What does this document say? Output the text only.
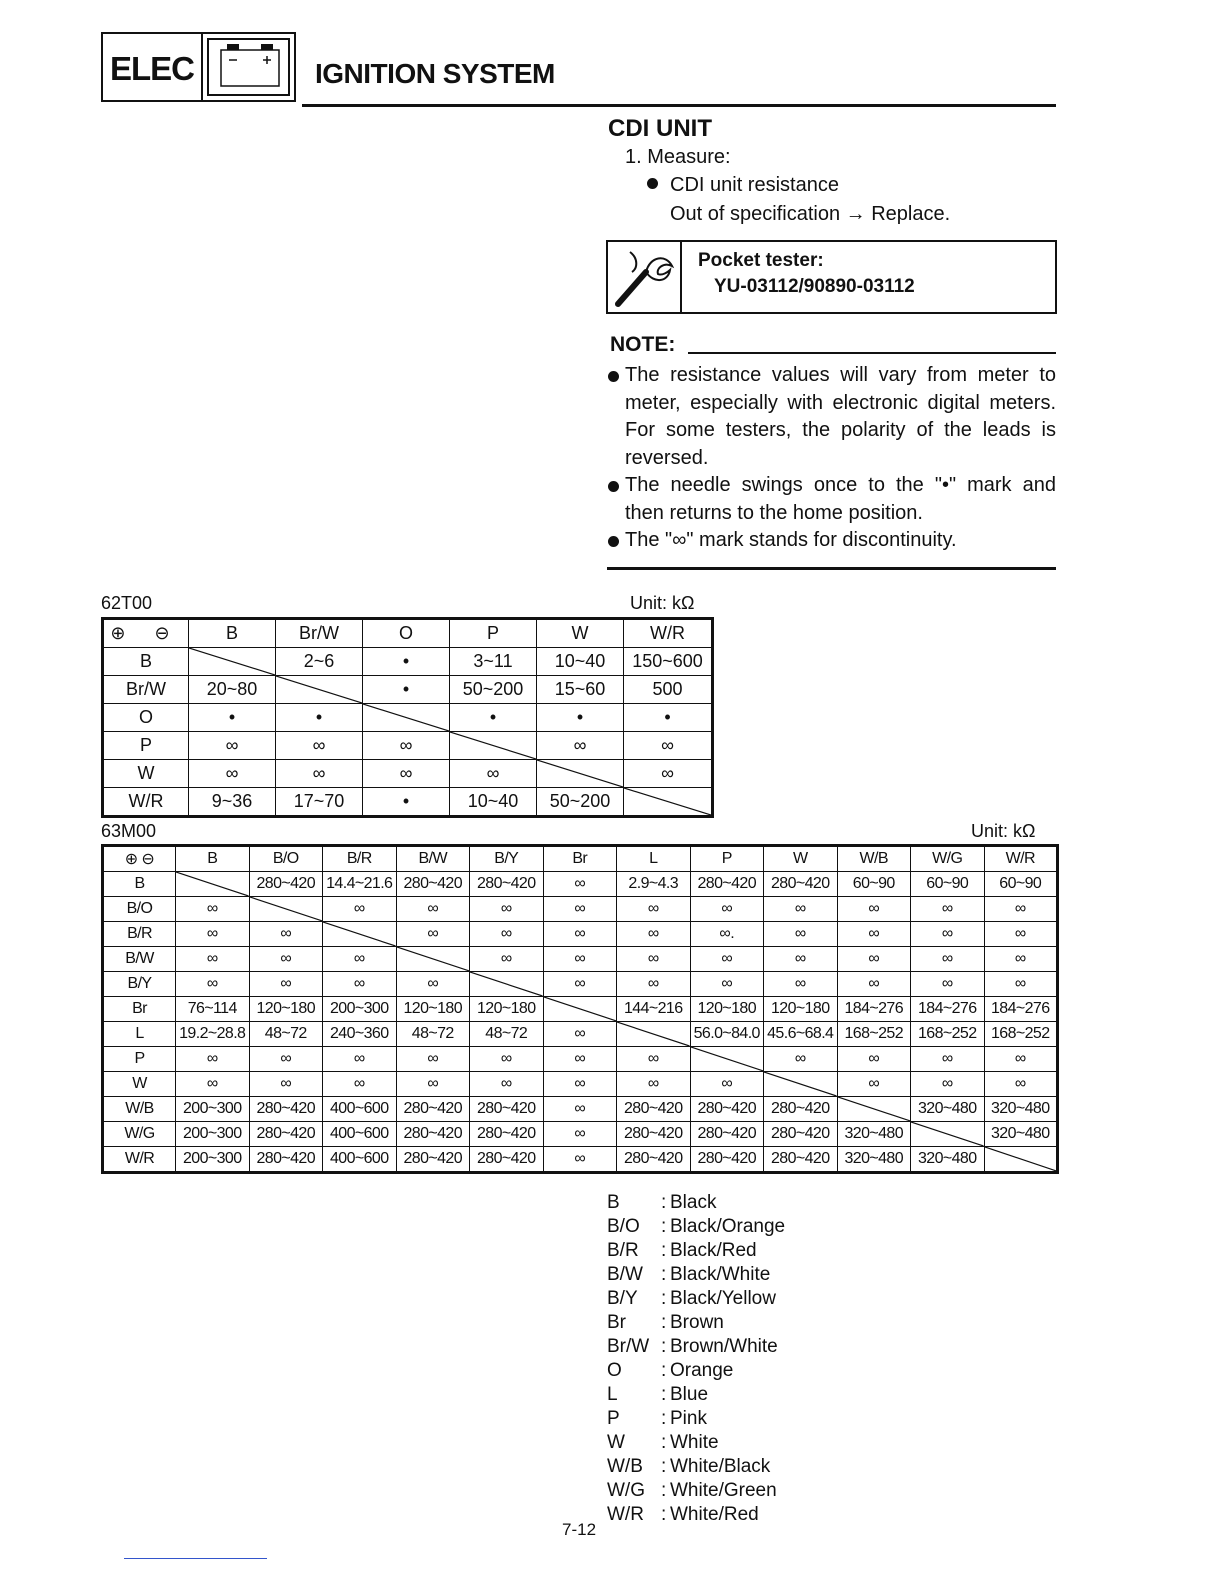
ELEC	IGNITION SYSTEM
CDI UNIT
1. Measure:
CDI unit resistance
Out of specification → Replace.
Pocket tester:
YU-03112/90890-03112
NOTE:
The resistance values will vary from meter to meter, especially with electronic digital meters. For some testers, the polarity of the leads is reversed.
The needle swings once to the "•" mark and then returns to the home position.
The "∞" mark stands for discontinuity.
62T00	Unit: kΩ
⊕ ⊖	B	Br/W	O	P	W	W/R
B		2~6	•	3~11	10~40	150~600
Br/W	20~80		•	50~200	15~60	500
O	•	•		•	•	•
P	∞	∞	∞		∞	∞
W	∞	∞	∞	∞		∞
W/R	9~36	17~70	•	10~40	50~200	
63M00	Unit: kΩ
⊕ ⊖	B	B/O	B/R	B/W	B/Y	Br	L	P	W	W/B	W/G	W/R
B		280~420	14.4~21.6	280~420	280~420	∞	2.9~4.3	280~420	280~420	60~90	60~90	60~90
B/O	∞		∞	∞	∞	∞	∞	∞	∞	∞	∞	∞
B/R	∞	∞		∞	∞	∞	∞	∞.	∞	∞	∞	∞
B/W	∞	∞	∞		∞	∞	∞	∞	∞	∞	∞	∞
B/Y	∞	∞	∞	∞		∞	∞	∞	∞	∞	∞	∞
Br	76~114	120~180	200~300	120~180	120~180		144~216	120~180	120~180	184~276	184~276	184~276
L	19.2~28.8	48~72	240~360	48~72	48~72	∞		56.0~84.0	45.6~68.4	168~252	168~252	168~252
P	∞	∞	∞	∞	∞	∞	∞		∞	∞	∞	∞
W	∞	∞	∞	∞	∞	∞	∞	∞		∞	∞	∞
W/B	200~300	280~420	400~600	280~420	280~420	∞	280~420	280~420	280~420		320~480	320~480
W/G	200~300	280~420	400~600	280~420	280~420	∞	280~420	280~420	280~420	320~480		320~480
W/R	200~300	280~420	400~600	280~420	280~420	∞	280~420	280~420	280~420	320~480	320~480	
B : Black
B/O : Black/Orange
B/R : Black/Red
B/W : Black/White
B/Y : Black/Yellow
Br : Brown
Br/W : Brown/White
O : Orange
L : Blue
P : Pink
W : White
W/B : White/Black
W/G : White/Green
W/R : White/Red
7-12
